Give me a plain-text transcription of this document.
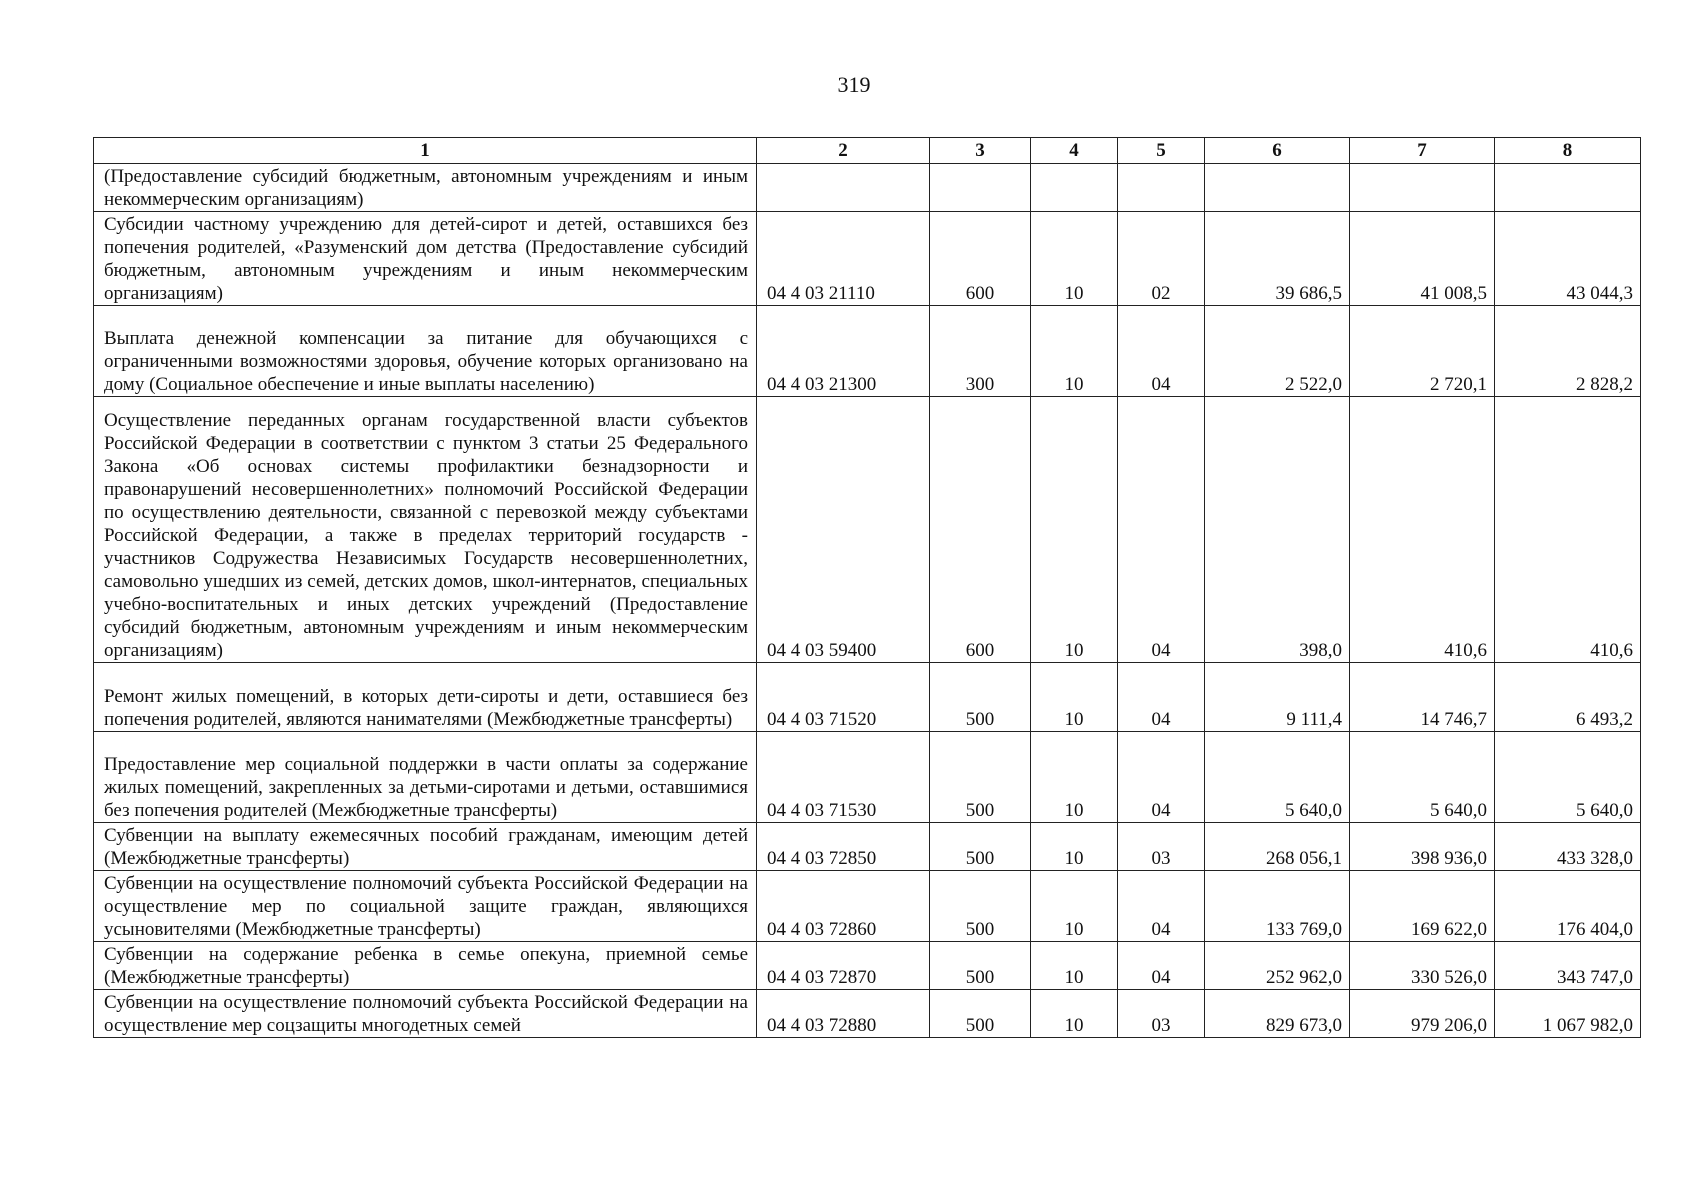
319
1	2	3	4	5	6	7	8
(Предоставление субсидий бюджетным, автономным учреждениям и иным некоммерческим организациям)							
Субсидии частному учреждению для детей-сирот и детей, оставшихся без попечения родителей, «Разуменский дом детства (Предоставление субсидий бюджетным, автономным учреждениям и иным некоммерческим организациям)	04 4 03 21110	600	10	02	39 686,5	41 008,5	43 044,3
Выплата денежной компенсации за питание для обучающихся с ограниченными возможностями здоровья, обучение которых организовано на дому (Социальное обеспечение и иные выплаты населению)	04 4 03 21300	300	10	04	2 522,0	2 720,1	2 828,2
Осуществление переданных органам государственной власти субъектов Российской Федерации в соответствии с пунктом 3 статьи 25 Федерального Закона «Об основах системы профилактики безнадзорности и правонарушений несовершеннолетних» полномочий Российской Федерации по осуществлению деятельности, связанной с перевозкой между субъектами Российской Федерации, а также в пределах территорий государств - участников Содружества Независимых Государств несовершеннолетних, самовольно ушедших из семей, детских домов, школ-интернатов, специальных учебно-воспитательных и иных детских учреждений (Предоставление субсидий бюджетным, автономным учреждениям и иным некоммерческим организациям)	04 4 03 59400	600	10	04	398,0	410,6	410,6
Ремонт жилых помещений, в которых дети-сироты и дети, оставшиеся без попечения родителей, являются нанимателями (Межбюджетные трансферты)	04 4 03 71520	500	10	04	9 111,4	14 746,7	6 493,2
Предоставление мер социальной поддержки в части оплаты за содержание жилых помещений, закрепленных за детьми-сиротами и детьми, оставшимися без попечения родителей (Межбюджетные трансферты)	04 4 03 71530	500	10	04	5 640,0	5 640,0	5 640,0
Субвенции на выплату ежемесячных пособий гражданам, имеющим детей (Межбюджетные трансферты)	04 4 03 72850	500	10	03	268 056,1	398 936,0	433 328,0
Субвенции на осуществление полномочий субъекта Российской Федерации на осуществление мер по социальной защите граждан, являющихся усыновителями (Межбюджетные трансферты)	04 4 03 72860	500	10	04	133 769,0	169 622,0	176 404,0
Субвенции на содержание ребенка в семье опекуна, приемной семье (Межбюджетные трансферты)	04 4 03 72870	500	10	04	252 962,0	330 526,0	343 747,0
Субвенции на осуществление полномочий субъекта Российской Федерации на осуществление мер соцзащиты многодетных семей	04 4 03 72880	500	10	03	829 673,0	979 206,0	1 067 982,0
